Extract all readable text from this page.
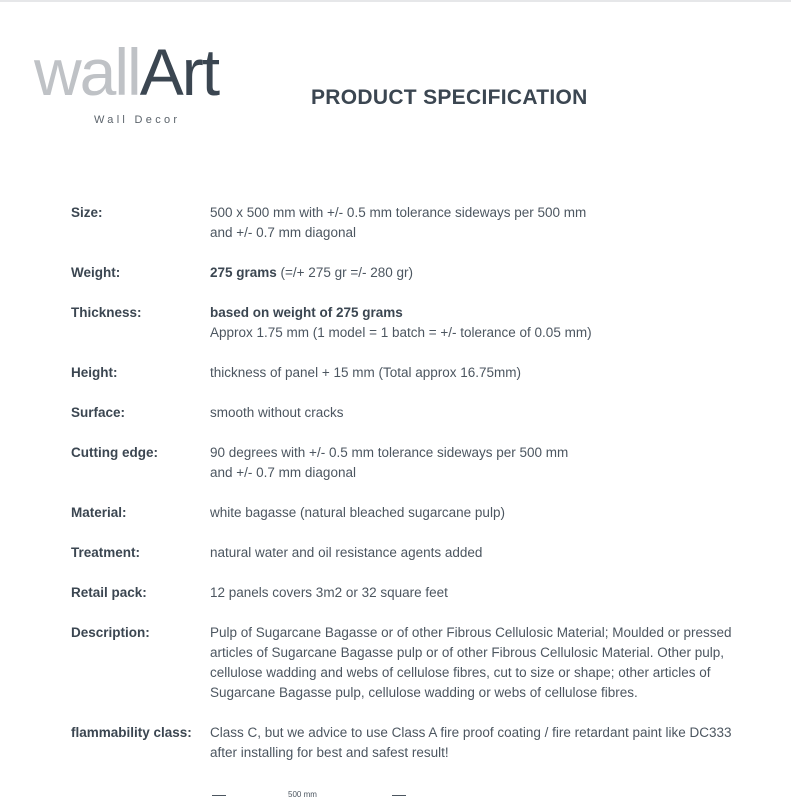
wallArt
Wall Decor
PRODUCT SPECIFICATION
Size:	500 x 500 mm with +/- 0.5 mm tolerance sideways per 500 mm
and +/- 0.7 mm diagonal
Weight:	275 grams (=/+ 275 gr =/- 280 gr)
Thickness:	based on weight of 275 grams
Approx 1.75 mm (1 model = 1 batch = +/- tolerance of 0.05 mm)
Height:	thickness of panel + 15 mm (Total approx 16.75mm)
Surface:	smooth without cracks
Cutting edge:	90 degrees with +/- 0.5 mm tolerance sideways per 500 mm
and +/- 0.7 mm diagonal
Material:	white bagasse (natural bleached sugarcane pulp)
Treatment:	natural water and oil resistance agents added
Retail pack:	12 panels covers 3m2 or 32 square feet
Description:	Pulp of Sugarcane Bagasse or of other Fibrous Cellulosic Material; Moulded or pressed
articles of Sugarcane Bagasse pulp or of other Fibrous Cellulosic Material. Other pulp,
cellulose wadding and webs of cellulose fibres, cut to size or shape; other articles of
Sugarcane Bagasse pulp, cellulose wadding or webs of cellulose fibres.
flammability class:	Class C, but we advice to use Class A fire proof coating / fire retardant paint like DC333
after installing for best and safest result!
500 mm
